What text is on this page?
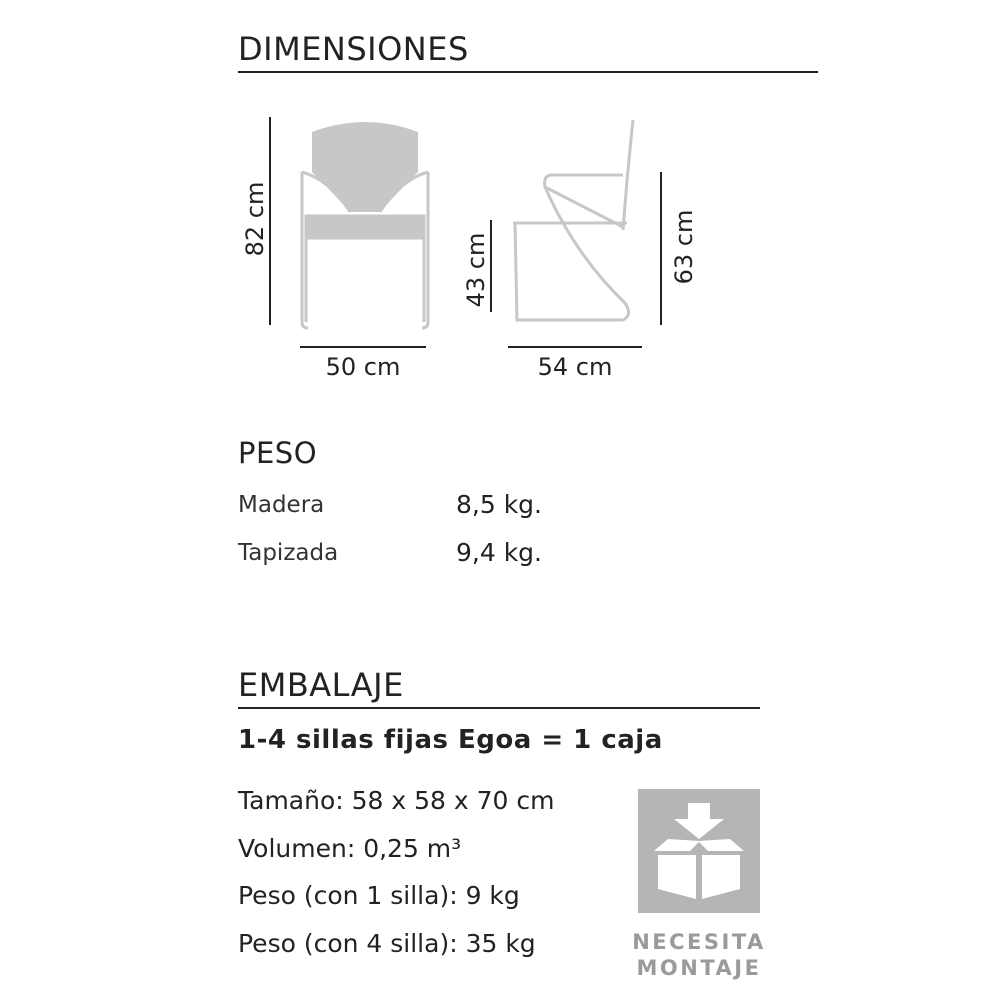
DIMENSIONES
82 cm
50 cm
43 cm	63 cm
54 cm
PESO
Madera	8,5 kg.
Tapizada	9,4 kg.
EMBALAJE
1-4 sillas fijas Egoa = 1 caja
Tamaño: 58 x 58 x 70 cm
Volumen: 0,25 m³
Peso (con 1 silla): 9 kg
Peso (con 4 silla): 35 kg	NECESITA
MONTAJE
